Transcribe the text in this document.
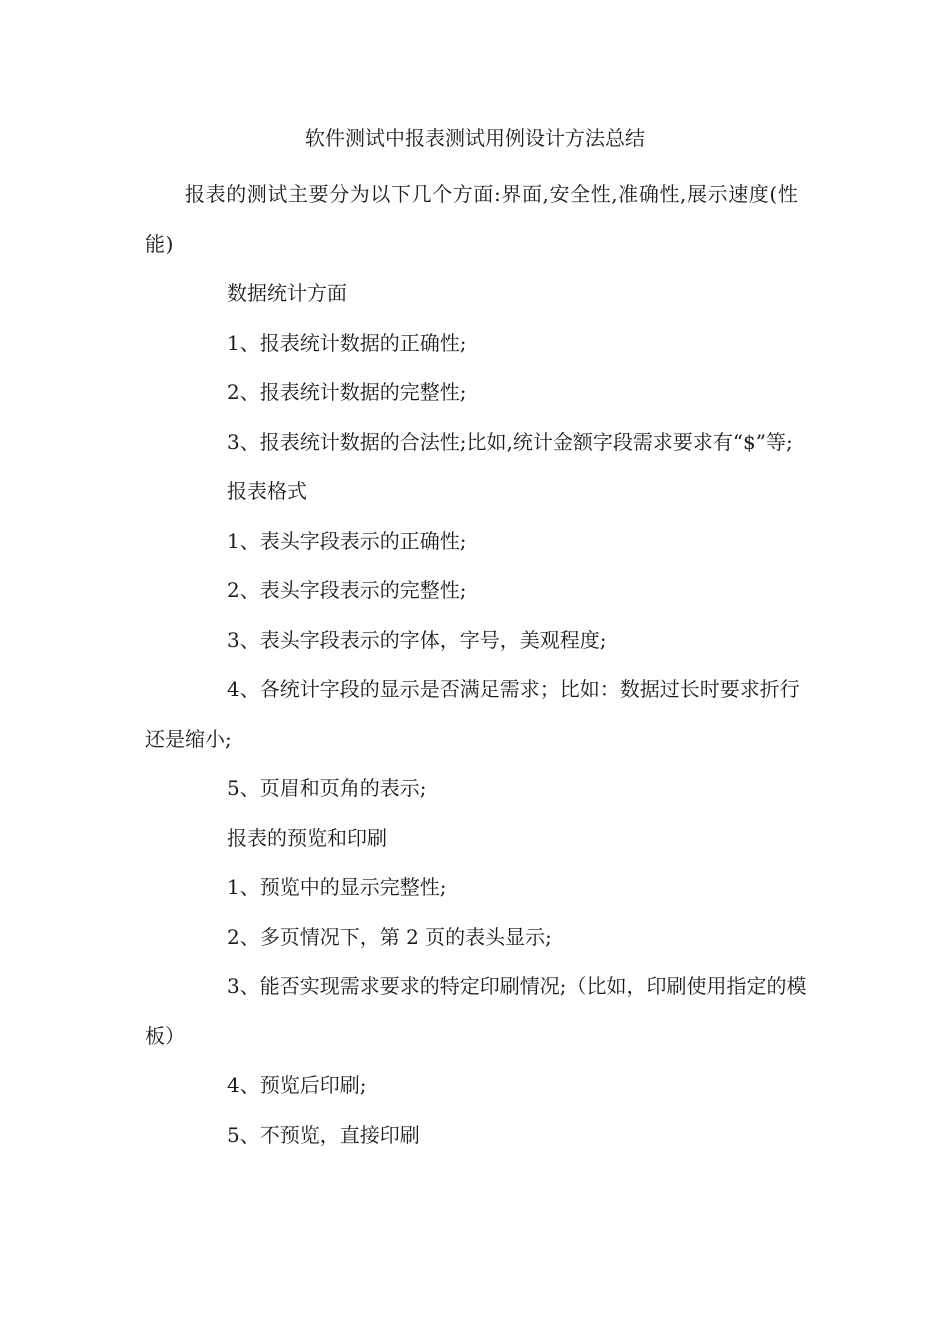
软件测试中报表测试用例设计方法总结

报表的测试主要分为以下几个方面:界面,安全性,准确性,展示速度(性能)

数据统计方面

1、报表统计数据的正确性;

2、报表统计数据的完整性;

3、报表统计数据的合法性;比如,统计金额字段需求要求有“$”等;

报表格式

1、表头字段表示的正确性;

2、表头字段表示的完整性;

3、表头字段表示的字体，字号，美观程度;

4、各统计字段的显示是否满足需求；比如：数据过长时要求折行还是缩小;

5、页眉和页角的表示;

报表的预览和印刷

1、预览中的显示完整性;

2、多页情况下，第 2 页的表头显示;

3、能否实现需求要求的特定印刷情况;（比如，印刷使用指定的模板）

4、预览后印刷;

5、不预览，直接印刷
